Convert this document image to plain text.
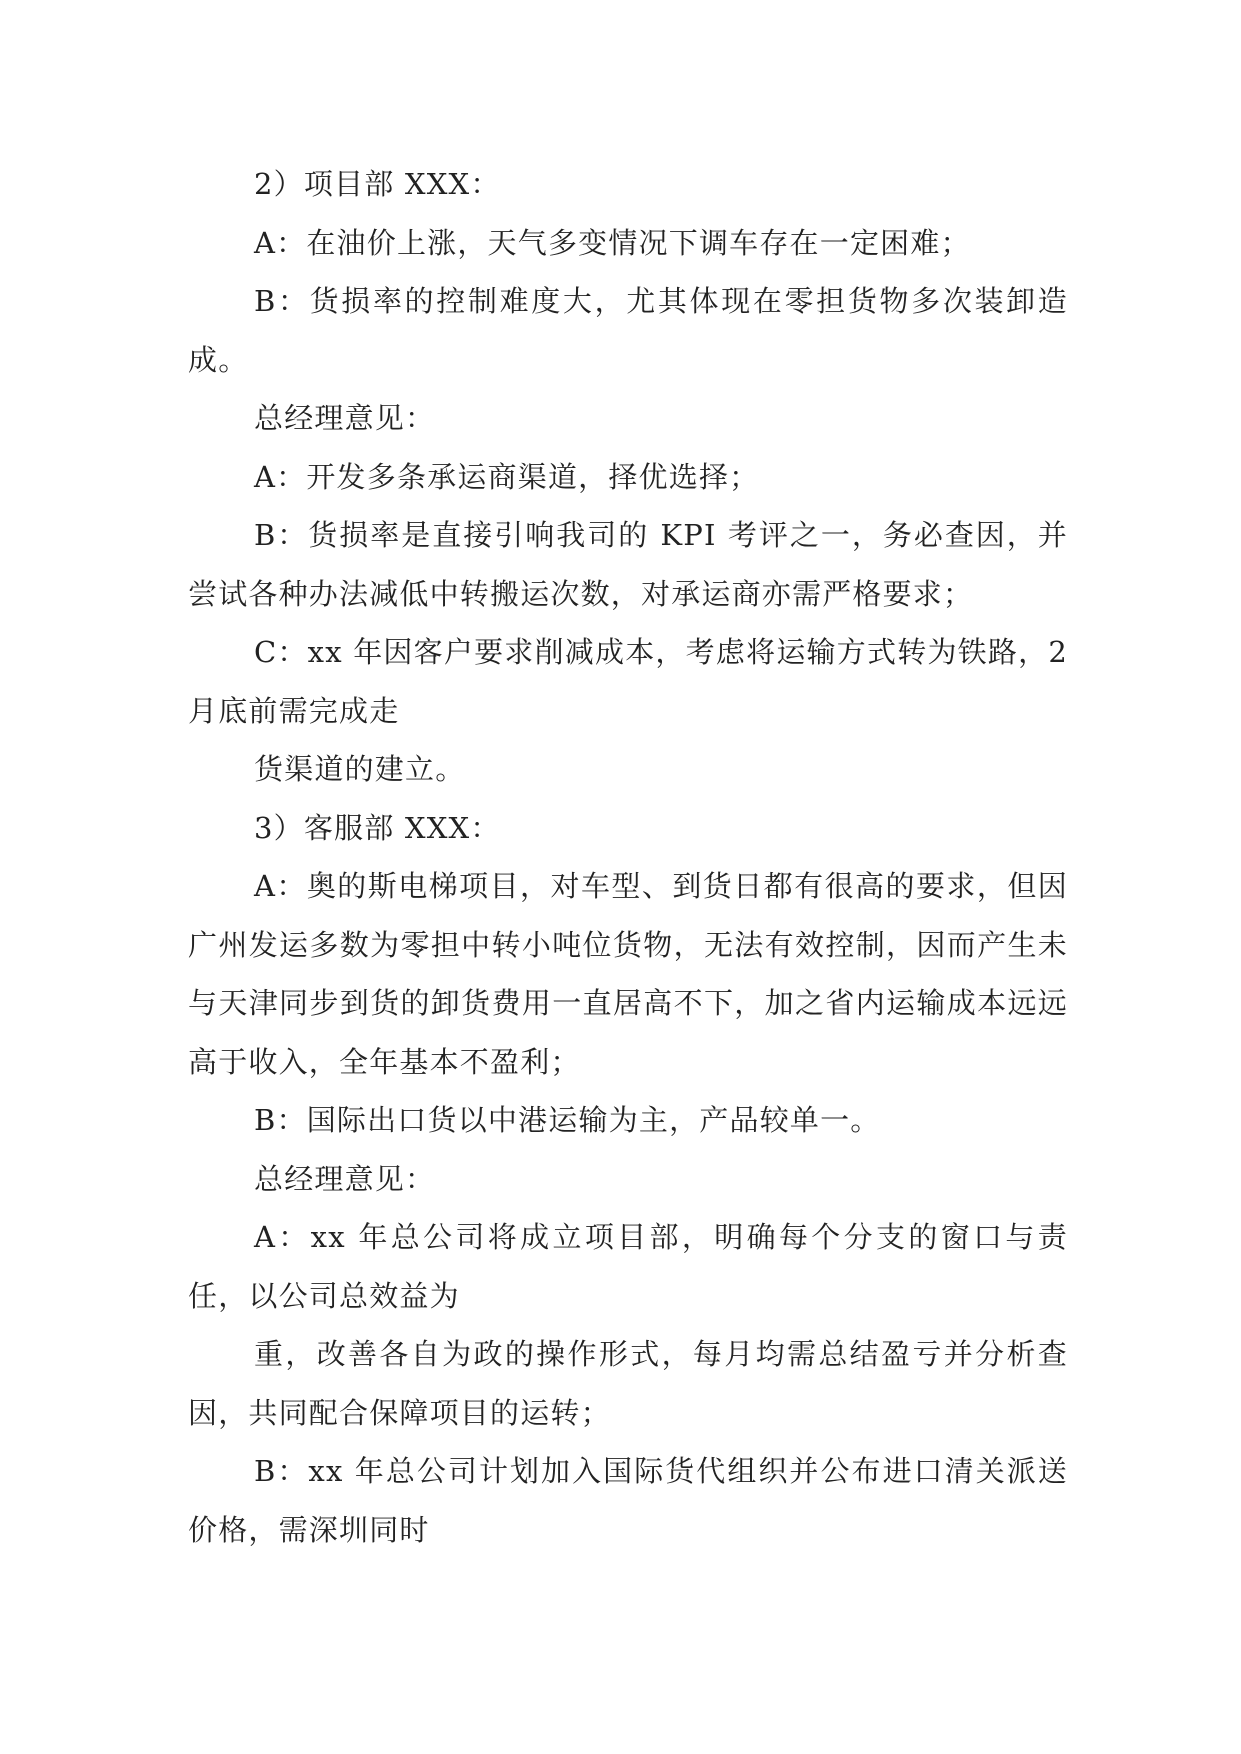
2）项目部 XXX：

A：在油价上涨，天气多变情况下调车存在一定困难；

B：货损率的控制难度大，尤其体现在零担货物多次装卸造成。

总经理意见：

A：开发多条承运商渠道，择优选择；

B：货损率是直接引响我司的 KPI 考评之一，务必查因，并尝试各种办法减低中转搬运次数，对承运商亦需严格要求；

C：xx 年因客户要求削减成本，考虑将运输方式转为铁路，2 月底前需完成走

货渠道的建立。

3）客服部 XXX：

A：奥的斯电梯项目，对车型、到货日都有很高的要求，但因广州发运多数为零担中转小吨位货物，无法有效控制，因而产生未与天津同步到货的卸货费用一直居高不下，加之省内运输成本远远高于收入，全年基本不盈利；

B：国际出口货以中港运输为主，产品较单一。

总经理意见：

A：xx 年总公司将成立项目部，明确每个分支的窗口与责任，以公司总效益为

重，改善各自为政的操作形式，每月均需总结盈亏并分析查因，共同配合保障项目的运转；

B：xx 年总公司计划加入国际货代组织并公布进口清关派送价格，需深圳同时
